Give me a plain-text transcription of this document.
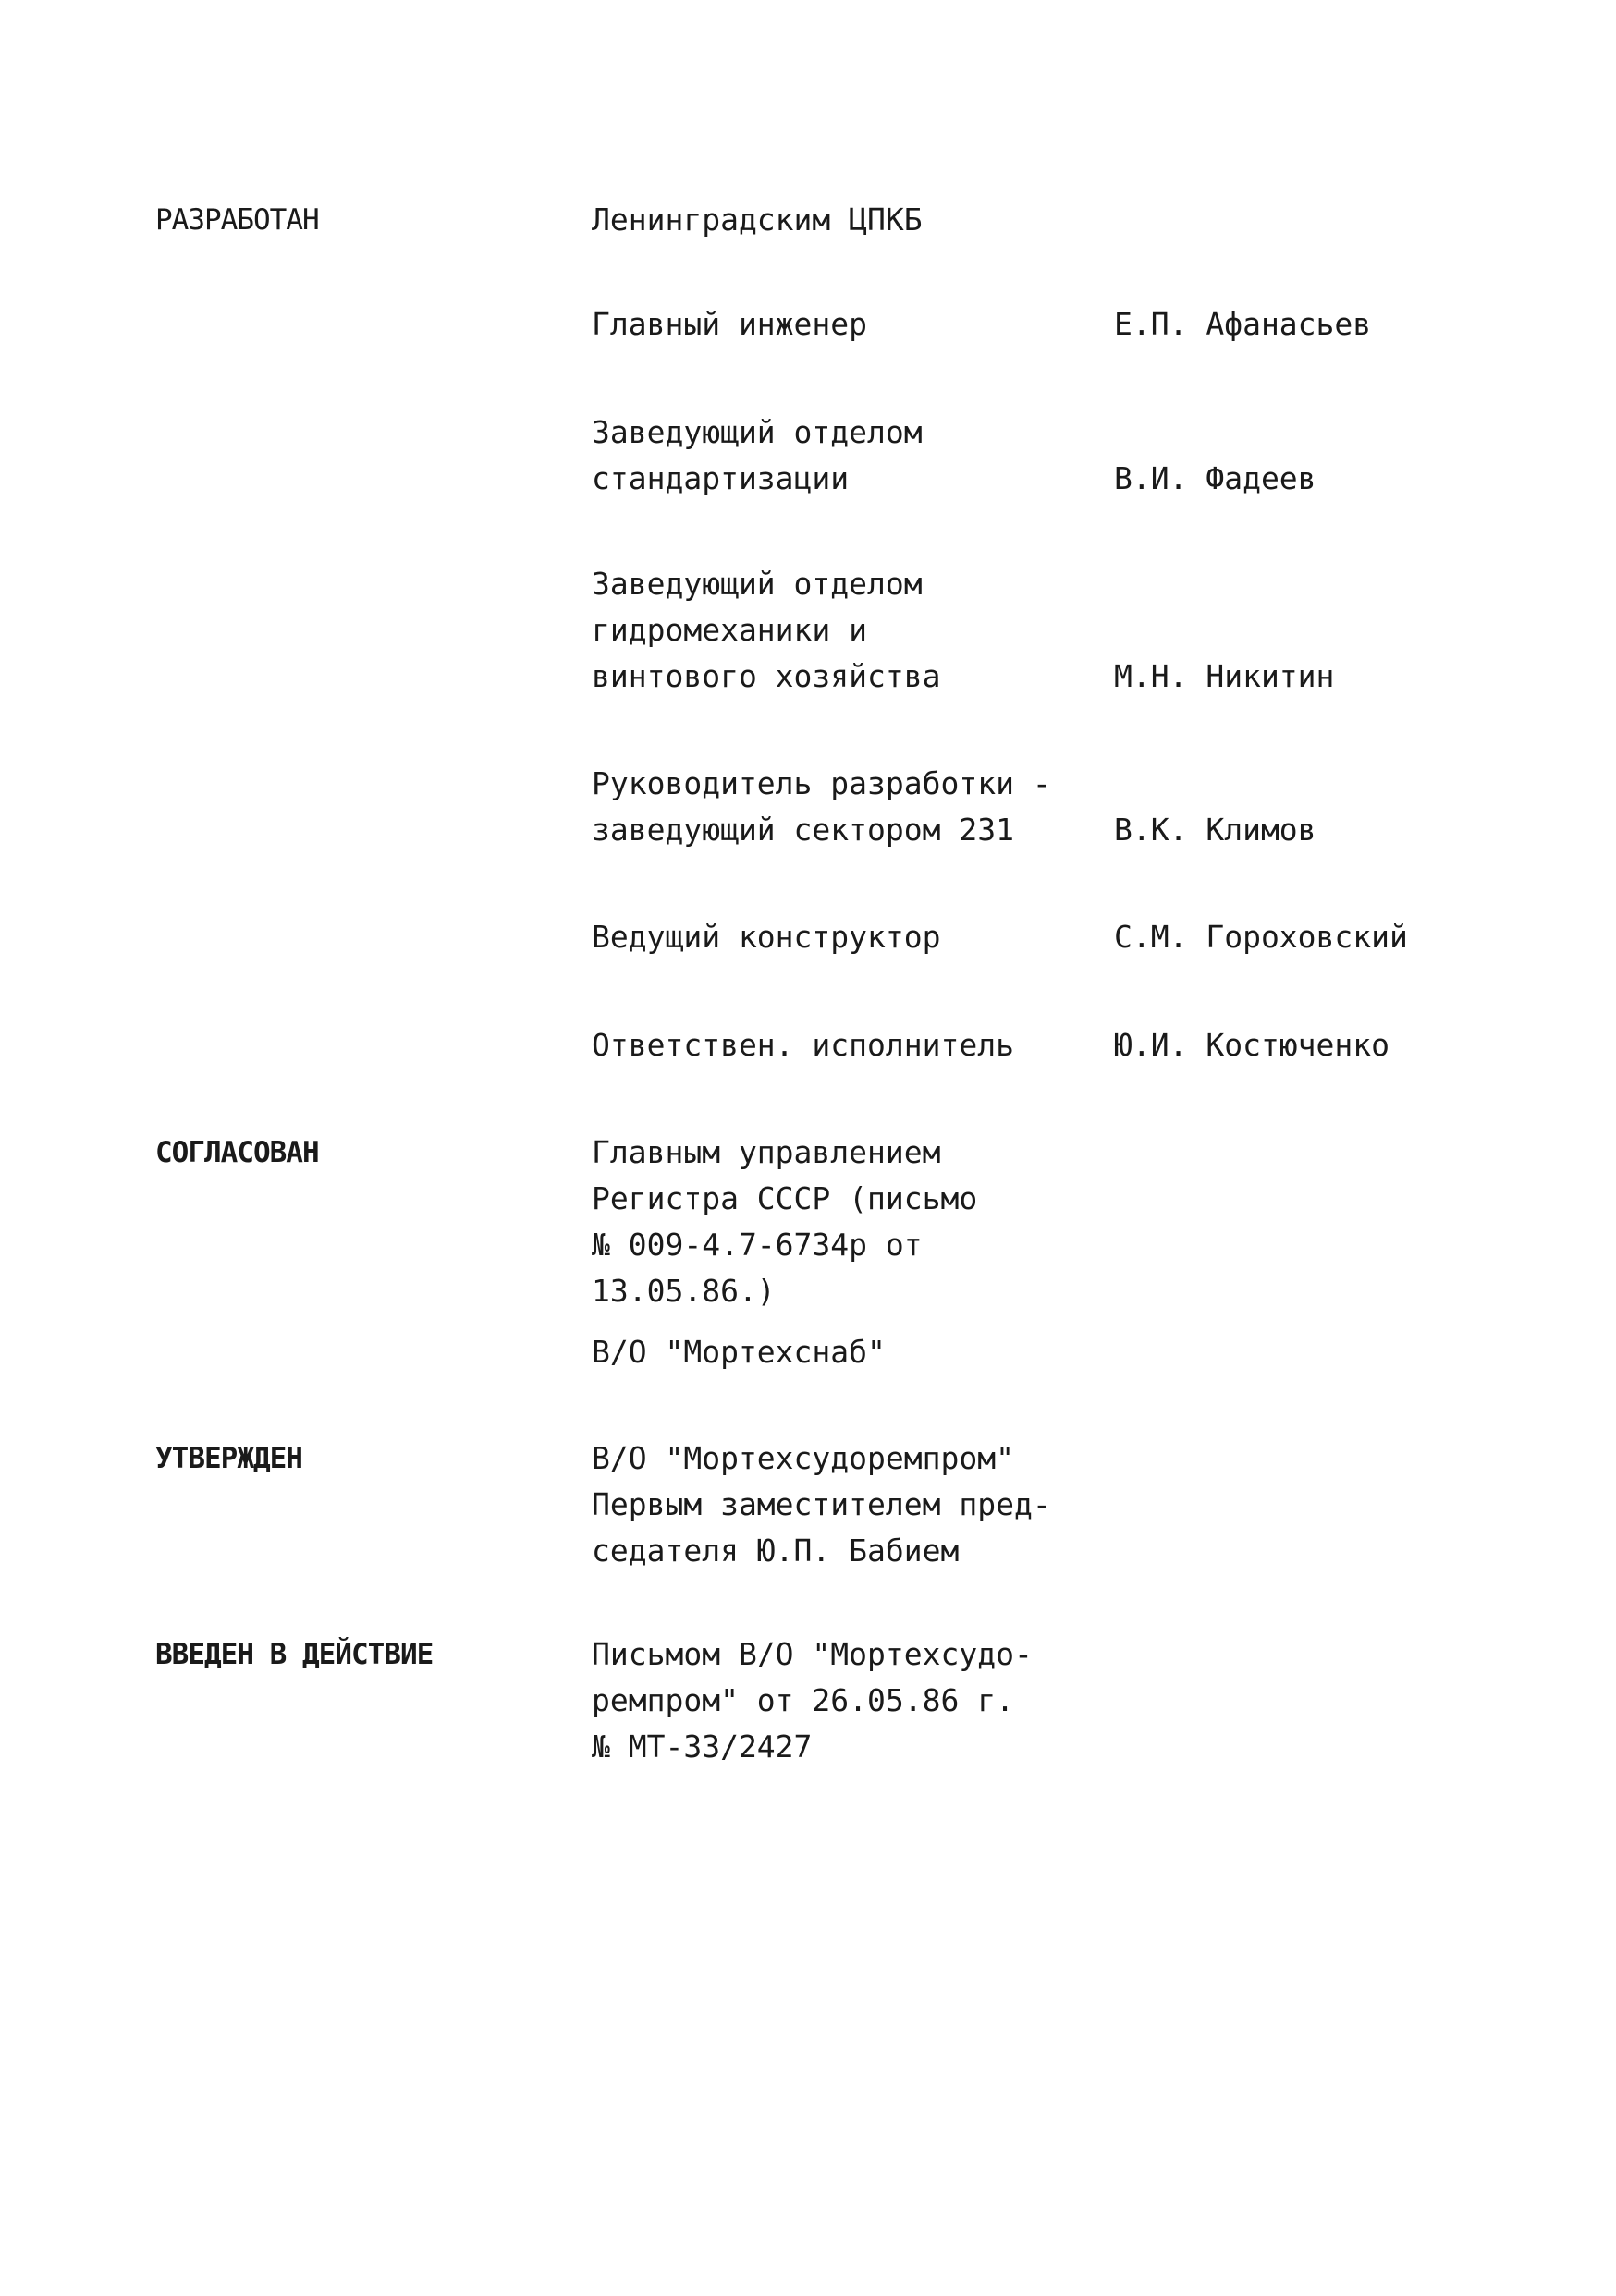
РАЗРАБОТАН	Ленинградским ЦПКБ
Главный инженер	Е.П. Афанасьев
Заведующий отделом
стандартизации	В.И. Фадеев
Заведующий отделом
гидромеханики и
винтового хозяйства	М.Н. Никитин
Руководитель разработки -
заведующий сектором 231	В.К. Климов
Ведущий конструктор	С.М. Гороховский
Ответствен. исполнитель	Ю.И. Костюченко
СОГЛАСОВАН	Главным управлением
Регистра СССР (письмо
№ 009-4.7-6734р от
13.05.86.)
В/О "Мортехснаб"
УТВЕРЖДЕН	В/О "Мортехсудоремпром"
Первым заместителем пред-
седателя Ю.П. Бабием
ВВЕДЕН В ДЕЙСТВИЕ	Письмом В/О "Мортехсудо-
ремпром" от 26.05.86 г.
№ МТ-33/2427
